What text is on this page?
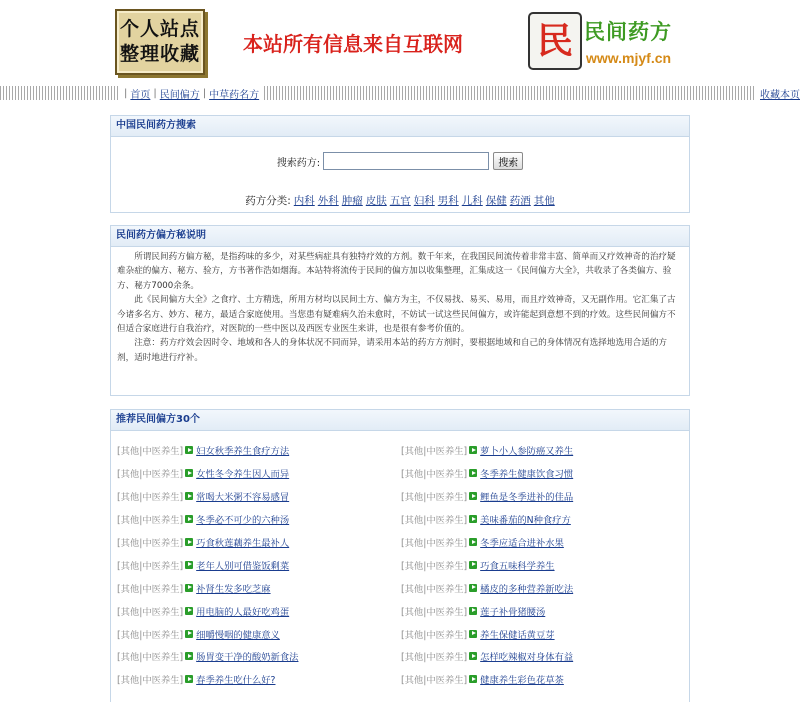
个人站点
整理收藏 本站所有信息来自互联网 民 民间药方
www.mjyf.cn
| 首页 | 民间偏方 | 中草药名方	收藏本页
中国民间药方搜索
搜索药方:	搜索
药方分类: 内科 外科 肿瘤 皮肤 五官 妇科 男科 儿科 保健 药酒 其他
民间药方偏方秘说明

所谓民间药方偏方秘，是指药味的多少，对某些病症具有独特疗效的方剂。数千年来，在我国民间流传着非常丰富、简单而又疗效神奇的治疗疑难杂症的偏方、秘方、验方，方书著作浩如烟海。本站特将流传于民间的偏方加以收集整理，汇集成这一《民间偏方大全》，共收录了各类偏方、验方、秘方7000余条。

此《民间偏方大全》之食疗、土方精选，所用方材均以民间土方、偏方为主，不仅易找、易买、易用，而且疗效神奇，又无副作用。它汇集了古今诸多名方、妙方、秘方，最适合家庭使用。当您患有疑难病久治未愈时，不妨试一试这些民间偏方，或许能起到意想不到的疗效。这些民间偏方不但适合家庭进行自我治疗，对医院的一些中医以及西医专业医生来讲，也是很有参考价值的。

注意：药方疗效会因时令、地域和各人的身体状况不同而异，请采用本站的药方方剂时，要根据地域和自己的身体情况有选择地选用合适的方剂，适时地进行疗补。

推荐民间偏方30个
[其他|中医养生] 妇女秋季养生食疗方法	[其他|中医养生] 萝卜小人参防癌又养生
[其他|中医养生] 女性冬令养生因人而异	[其他|中医养生] 冬季养生健康饮食习惯
[其他|中医养生] 常喝大米粥不容易感冒	[其他|中医养生] 鲤鱼是冬季进补的佳品
[其他|中医养生] 冬季必不可少的六种汤	[其他|中医养生] 美味番茄的N种食疗方
[其他|中医养生] 巧食秋莲藕养生最补人	[其他|中医养生] 冬季应适合进补水果
[其他|中医养生] 老年人别可借鉴饭剩菜	[其他|中医养生] 巧食五味科学养生
[其他|中医养生] 补肾生发多吃芝麻	[其他|中医养生] 橘皮的多种营养新吃法
[其他|中医养生] 用电脑的人最好吃鸡蛋	[其他|中医养生] 莲子补骨猪腰汤
[其他|中医养生] 细嚼慢咽的健康意义	[其他|中医养生] 养生保健话黄豆芽
[其他|中医养生] 肠胃变干净的酸奶新食法	[其他|中医养生] 怎样吃辣椒对身体有益
[其他|中医养生] 春季养生吃什么好?	[其他|中医养生] 健康养生彩色花草茶
